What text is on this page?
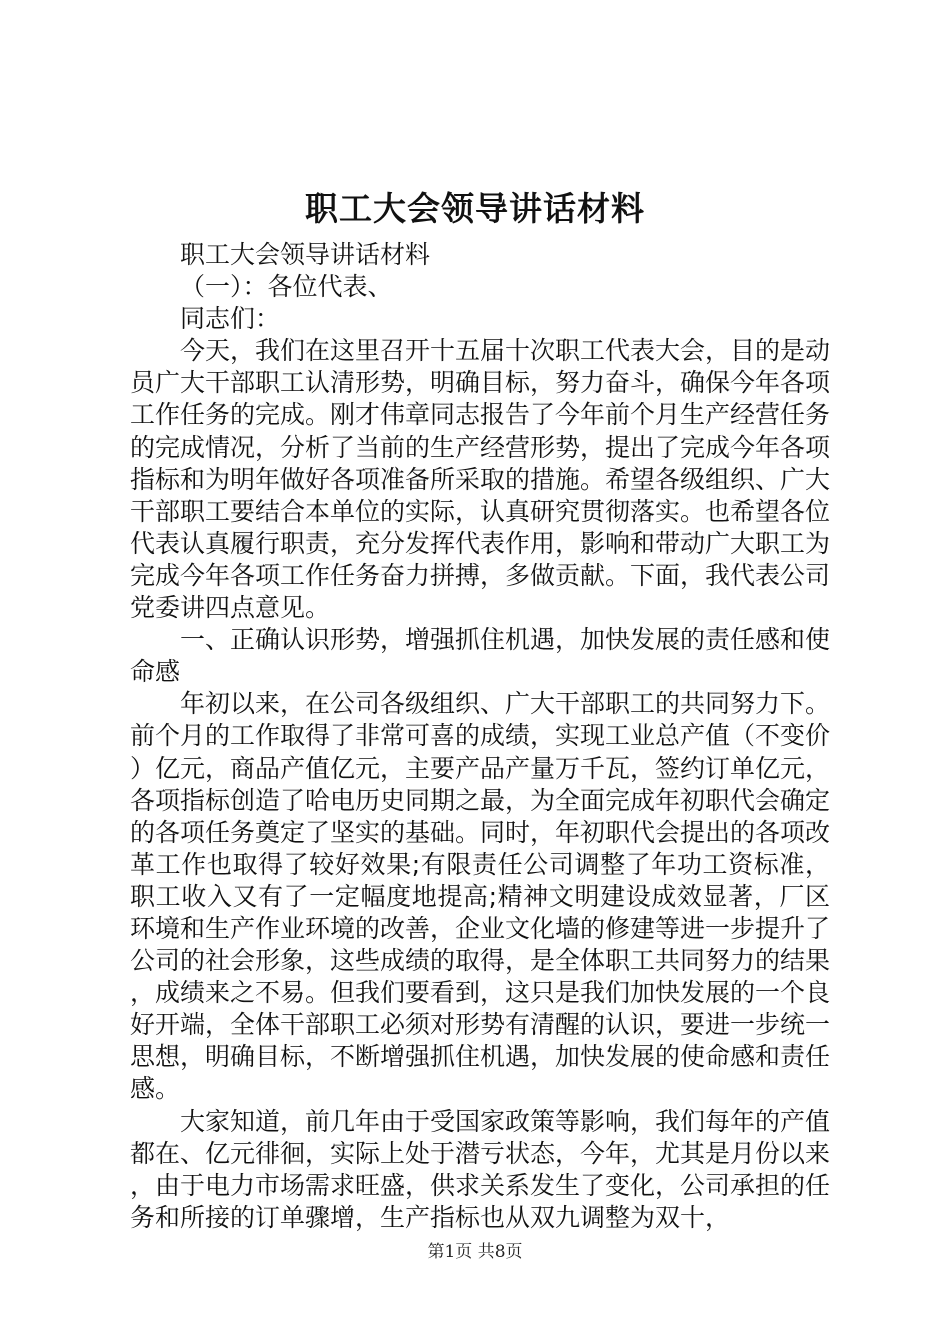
职工大会领导讲话材料

职工大会领导讲话材料

（一）：各位代表、

同志们：

今天，我们在这里召开十五届十次职工代表大会，目的是动员广大干部职工认清形势，明确目标，努力奋斗，确保今年各项工作任务的完成。刚才伟章同志报告了今年前个月生产经营任务的完成情况，分析了当前的生产经营形势，提出了完成今年各项指标和为明年做好各项准备所采取的措施。希望各级组织、广大干部职工要结合本单位的实际，认真研究贯彻落实。也希望各位代表认真履行职责，充分发挥代表作用，影响和带动广大职工为完成今年各项工作任务奋力拼搏，多做贡献。下面，我代表公司党委讲四点意见。

一、正确认识形势，增强抓住机遇，加快发展的责任感和使命感

年初以来，在公司各级组织、广大干部职工的共同努力下。前个月的工作取得了非常可喜的成绩，实现工业总产值（不变价）亿元，商品产值亿元，主要产品产量万千瓦，签约订单亿元，各项指标创造了哈电历史同期之最，为全面完成年初职代会确定的各项任务奠定了坚实的基础。同时，年初职代会提出的各项改革工作也取得了较好效果;有限责任公司调整了年功工资标准，职工收入又有了一定幅度地提高;精神文明建设成效显著，厂区环境和生产作业环境的改善，企业文化墙的修建等进一步提升了公司的社会形象，这些成绩的取得，是全体职工共同努力的结果，成绩来之不易。但我们要看到，这只是我们加快发展的一个良好开端，全体干部职工必须对形势有清醒的认识，要进一步统一思想，明确目标，不断增强抓住机遇，加快发展的使命感和责任感。

大家知道，前几年由于受国家政策等影响，我们每年的产值都在、亿元徘徊，实际上处于潜亏状态，今年，尤其是月份以来，由于电力市场需求旺盛，供求关系发生了变化，公司承担的任务和所接的订单骤增，生产指标也从双九调整为双十，

第1页 共8页
